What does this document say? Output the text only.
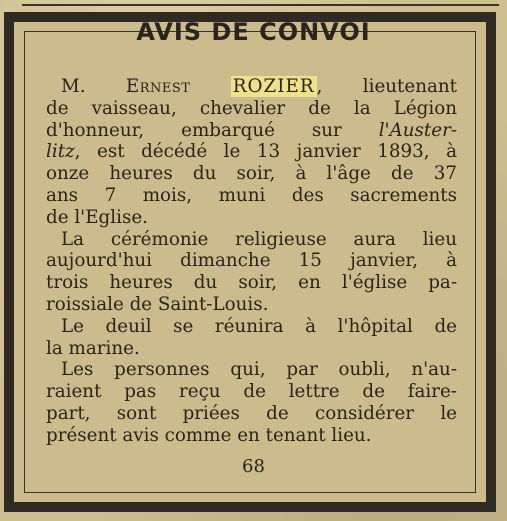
AVIS DE CONVOI
M. Ernest ROZIER , lieutenant
de vaisseau, chevalier de la Légion
d'honneur, embarqué sur l'Auster-
litz, est décédé le 13 janvier 1893, à
onze heures du soir, à l'âge de 37
ans 7 mois, muni des sacrements
de l'Eglise.
La cérémonie religieuse aura lieu
aujourd'hui dimanche 15 janvier, à
trois heures du soir, en l'église pa-
roissiale de Saint-Louis.
Le deuil se réunira à l'hôpital de
la marine.
Les personnes qui, par oubli, n'au-
raient pas reçu de lettre de faire-
part, sont priées de considérer le
présent avis comme en tenant lieu.
68
